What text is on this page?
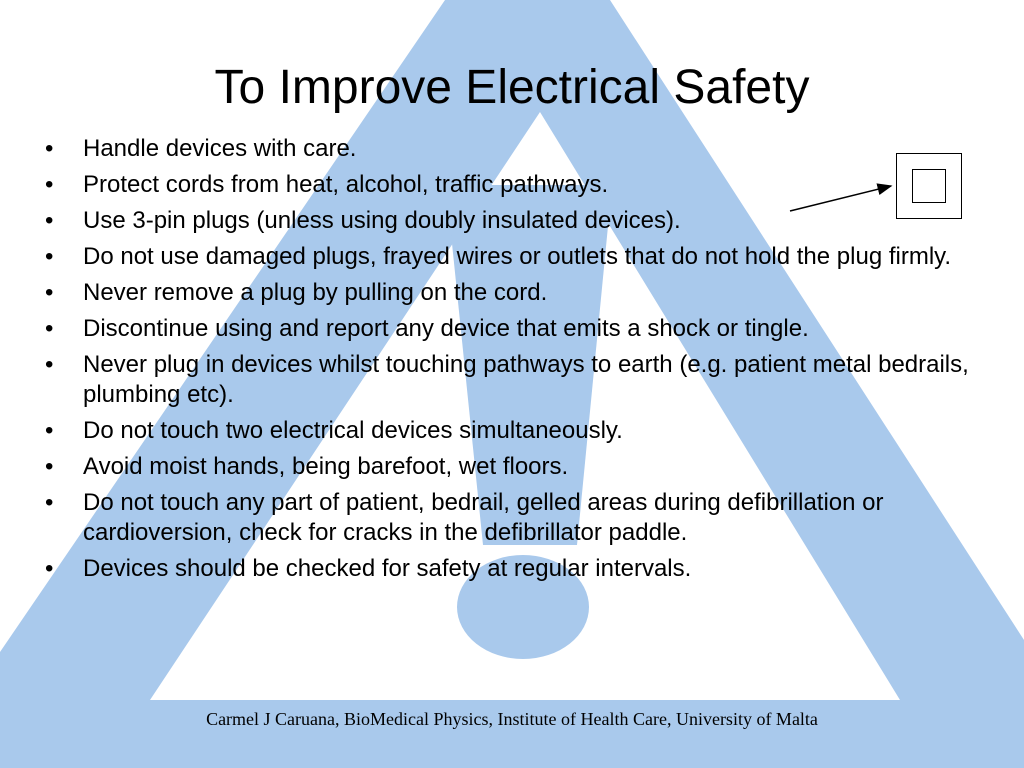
To Improve Electrical Safety
• Handle devices with care.
• Protect cords from heat, alcohol, traffic pathways.
• Use 3-pin plugs (unless using doubly insulated devices).
• Do not use damaged plugs, frayed wires or outlets that do not hold the plug firmly.
• Never remove a plug by pulling on the cord.
• Discontinue using and report any device that emits a shock or tingle.
• Never plug in devices whilst touching pathways to earth (e.g. patient metal bedrails, plumbing etc).
• Do not touch two electrical devices simultaneously.
• Avoid moist hands, being barefoot, wet floors.
• Do not touch any part of patient, bedrail, gelled areas during defibrillation or cardioversion, check for cracks in the defibrillator paddle.
• Devices should be checked for safety at regular intervals.
Carmel J Caruana, BioMedical Physics, Institute of Health Care, University of Malta
